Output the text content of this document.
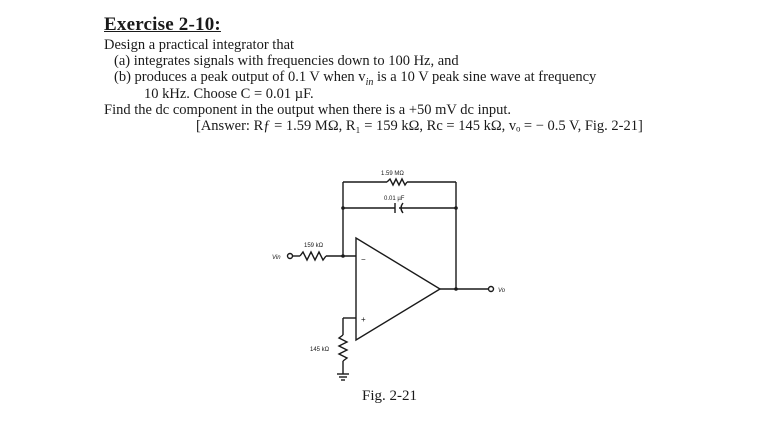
Exercise 2-10:
Design a practical integrator that
(a) integrates signals with frequencies down to 100 Hz, and
(b) produces a peak output of 0.1 V when $v_{in}$ is a 10 V peak sine wave at frequency
10 kHz. Choose C = 0.01 µF.
Find the dc component in the output when there is a +50 mV dc input.
[Answer: Rƒ = 1.59 MΩ, R₁ = 159 kΩ, Rc = 145 kΩ, vₒ = − 0.5 V, Fig. 2-21]
1.59 MΩ
0.01 µF
159 kΩ
145 kΩ
Vin
Vo
−
+
Fig. 2-21
